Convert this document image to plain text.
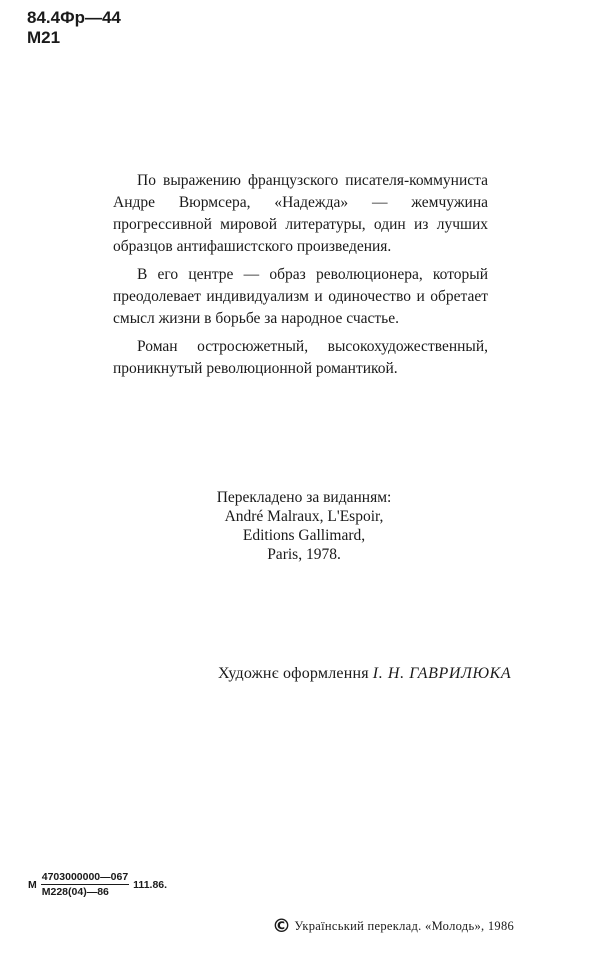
84.4Фр—44
М21

По выражению французского писателя-коммуниста Андре Вюрмсера, «Надежда» — жемчужина прогрессивной мировой литературы, один из лучших образцов антифашистского произведения.

В его центре — образ революционера, который преодолевает индивидуализм и одиночество и обретает смысл жизни в борьбе за народное счастье.

Роман остросюжетный, высокохудожественный, проникнутый революционной романтикой.

Перекладено за виданням:
André Malraux, L'Espoir,
Editions Gallimard,
Paris, 1978.
Художнє оформлення І. Н. ГАВРИЛЮКА
М $\frac{4703000000—067}{М228(04)—86} 111.86$.
© Український переклад. «Молодь», 1986
